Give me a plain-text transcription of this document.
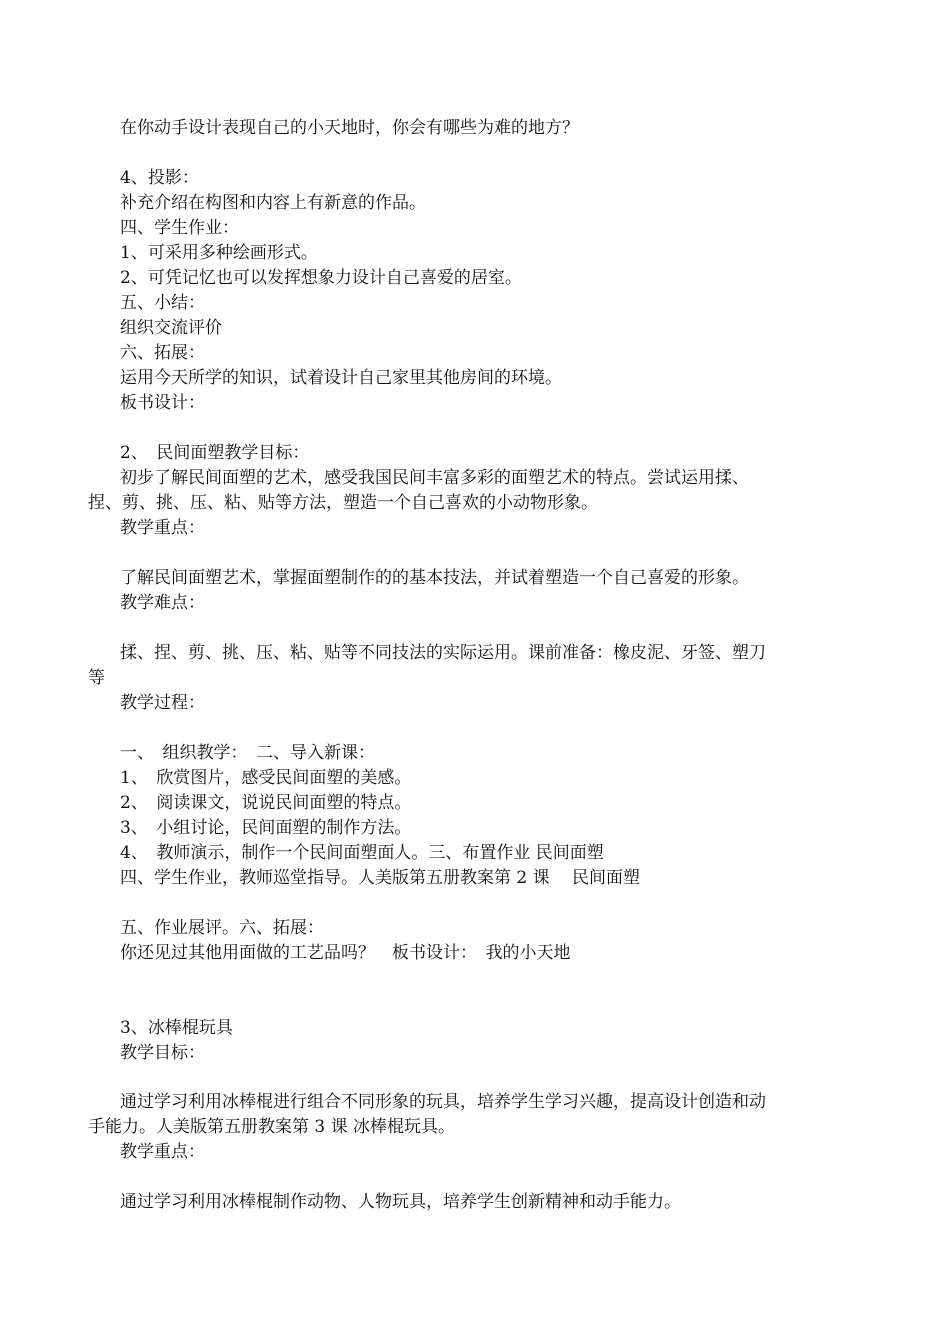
在你动手设计表现自己的小天地时，你会有哪些为难的地方？
4、投影：
补充介绍在构图和内容上有新意的作品。
四、学生作业：
1、可采用多种绘画形式。
2、可凭记忆也可以发挥想象力设计自己喜爱的居室。
五、小结：
组织交流评价
六、拓展：
运用今天所学的知识，试着设计自己家里其他房间的环境。
板书设计：
2、　民间面塑教学目标：
初步了解民间面塑的艺术，感受我国民间丰富多彩的面塑艺术的特点。尝试运用揉、
捏、剪、挑、压、粘、贴等方法，塑造一个自己喜欢的小动物形象。
教学重点：
了解民间面塑艺术，掌握面塑制作的的基本技法，并试着塑造一个自己喜爱的形象。
教学难点：
揉、捏、剪、挑、压、粘、贴等不同技法的实际运用。课前准备：橡皮泥、牙签、塑刀
等
教学过程：
一、　组织教学：　二、导入新课：
1、　欣赏图片，感受民间面塑的美感。
2、　阅读课文，说说民间面塑的特点。
3、　小组讨论，民间面塑的制作方法。
4、　教师演示，制作一个民间面塑面人。三、布置作业 民间面塑
四、学生作业，教师巡堂指导。人美版第五册教案第 2 课　 民间面塑
五、作业展评。六、拓展：
你还见过其他用面做的工艺品吗？　板书设计：　我的小天地
3、冰棒棍玩具
教学目标：
通过学习利用冰棒棍进行组合不同形象的玩具，培养学生学习兴趣，提高设计创造和动
手能力。人美版第五册教案第 3 课 冰棒棍玩具。
教学重点：
通过学习利用冰棒棍制作动物、人物玩具，培养学生创新精神和动手能力。
